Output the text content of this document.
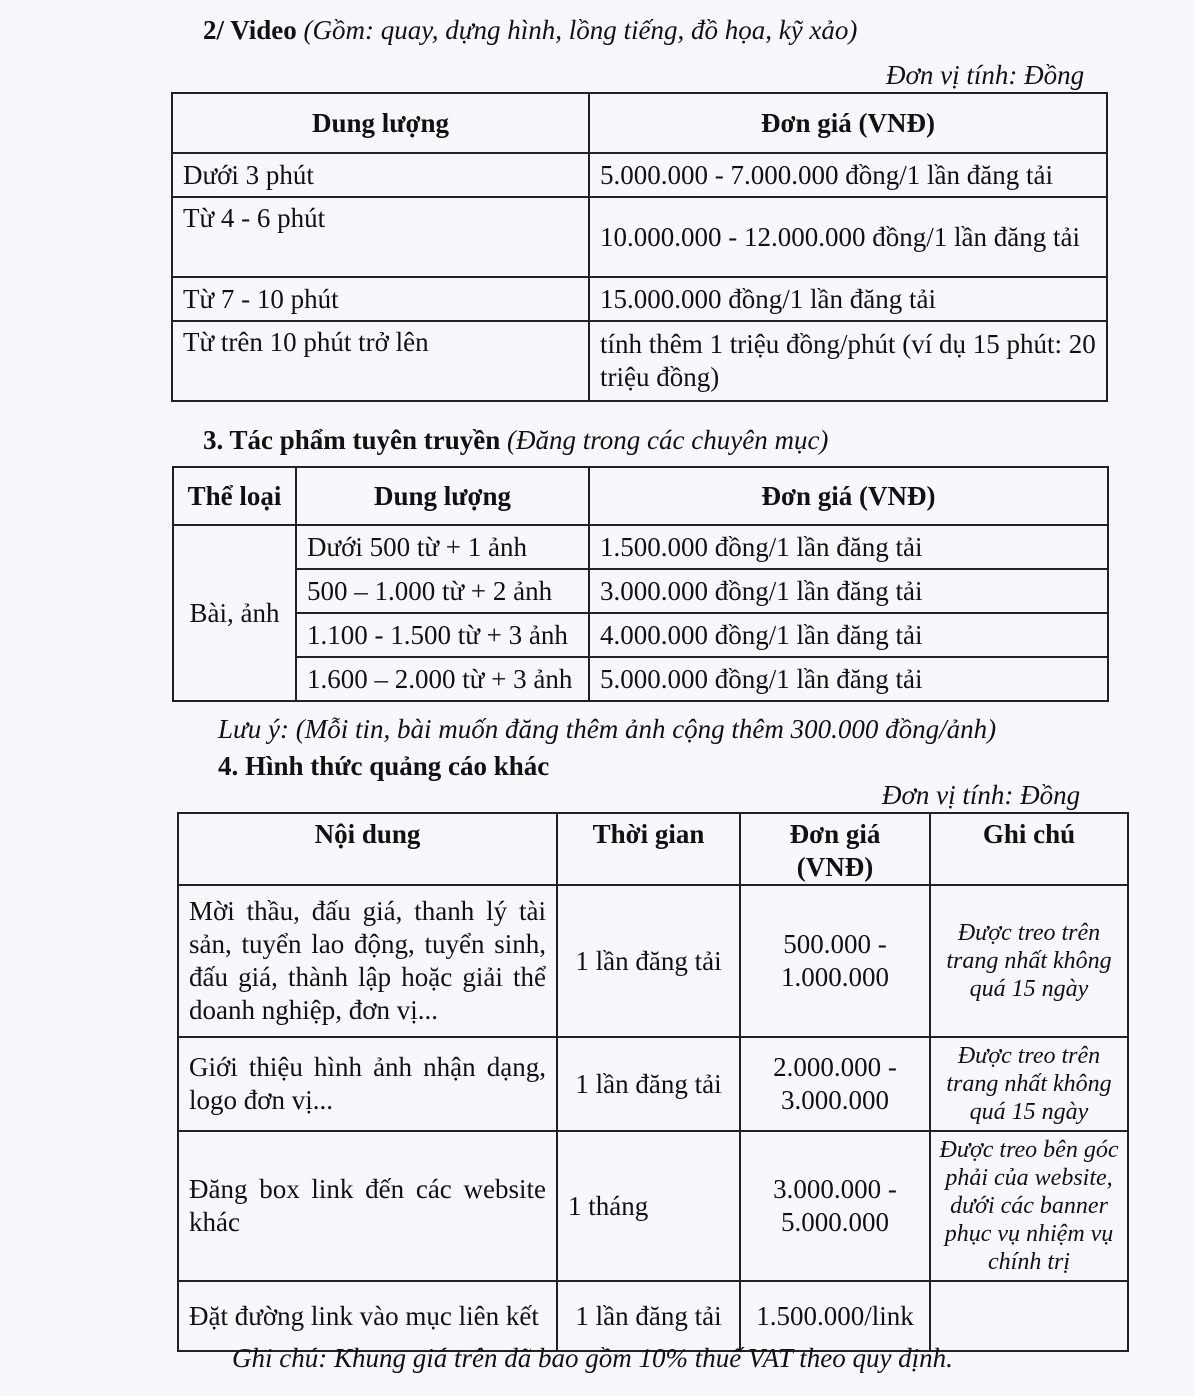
2/ Video (Gồm: quay, dựng hình, lồng tiếng, đồ họa, kỹ xảo)
Đơn vị tính: Đồng
Dung lượng	Đơn giá (VNĐ)
Dưới 3 phút	5.000.000 - 7.000.000 đồng/1 lần đăng tải
Từ 4 - 6 phút	10.000.000 - 12.000.000 đồng/1 lần đăng tải
Từ 7 - 10 phút	15.000.000 đồng/1 lần đăng tải
Từ trên 10 phút trở lên	tính thêm 1 triệu đồng/phút (ví dụ 15 phút: 20 triệu đồng)
3. Tác phẩm tuyên truyền (Đăng trong các chuyên mục)
Thể loại	Dung lượng	Đơn giá (VNĐ)
Bài, ảnh	Dưới 500 từ + 1 ảnh	1.500.000 đồng/1 lần đăng tải
	500 – 1.000 từ + 2 ảnh	3.000.000 đồng/1 lần đăng tải
	1.100 - 1.500 từ + 3 ảnh	4.000.000 đồng/1 lần đăng tải
	1.600 – 2.000 từ + 3 ảnh	5.000.000 đồng/1 lần đăng tải
Lưu ý: (Mỗi tin, bài muốn đăng thêm ảnh cộng thêm 300.000 đồng/ảnh)
4. Hình thức quảng cáo khác
Đơn vị tính: Đồng
Nội dung	Thời gian	Đơn giá (VNĐ)	Ghi chú
Mời thầu, đấu giá, thanh lý tài sản, tuyển lao động, tuyển sinh, đấu giá, thành lập hoặc giải thể doanh nghiệp, đơn vị...	1 lần đăng tải	500.000 - 1.000.000	Được treo trên trang nhất không quá 15 ngày
Giới thiệu hình ảnh nhận dạng, logo đơn vị...	1 lần đăng tải	2.000.000 - 3.000.000	Được treo trên trang nhất không quá 15 ngày
Đăng box link đến các website khác	1 tháng	3.000.000 - 5.000.000	Được treo bên góc phải của website, dưới các banner phục vụ nhiệm vụ chính trị
Đặt đường link vào mục liên kết	1 lần đăng tải	1.500.000/link	
Ghi chú: Khung giá trên đã bao gồm 10% thuế VAT theo quy định.
